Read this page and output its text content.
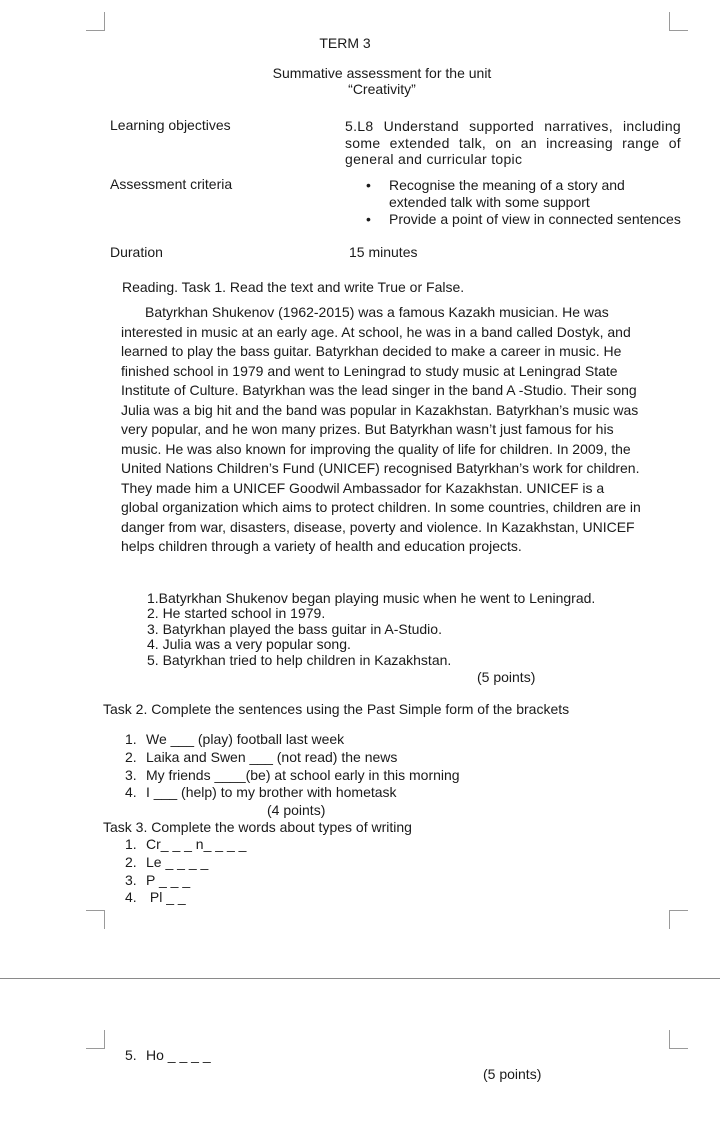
TERM 3
Summative assessment for the unit
“Creativity”
Learning objectives	5.L8 Understand supported narratives, including some extended talk, on an increasing range of general and curricular topic
Assessment criteria	• Recognise the meaning of a story and extended talk with some support
• Provide a point of view in connected sentences
Duration	15 minutes
Reading. Task 1. Read the text and write True or False.
Batyrkhan Shukenov (1962-2015) was a famous Kazakh musician. He was interested in music at an early age. At school, he was in a band called Dostyk, and learned to play the bass guitar. Batyrkhan decided to make a career in music. He finished school in 1979 and went to Leningrad to study music at Leningrad State Institute of Culture. Batyrkhan was the lead singer in the band A -Studio. Their song Julia was a big hit and the band was popular in Kazakhstan. Batyrkhan’s music was very popular, and he won many prizes. But Batyrkhan wasn’t just famous for his music. He was also known for improving the quality of life for children. In 2009, the United Nations Children’s Fund (UNICEF) recognised Batyrkhan’s work for children. They made him a UNICEF Goodwil Ambassador for Kazakhstan. UNICEF is a global organization which aims to protect children. In some countries, children are in danger from war, disasters, disease, poverty and violence. In Kazakhstan, UNICEF helps children through a variety of health and education projects.

1.Batyrkhan Shukenov began playing music when he went to Leningrad.

2. He started school in 1979.

3. Batyrkhan played the bass guitar in A-Studio.

4. Julia was a very popular song.

5. Batyrkhan tried to help children in Kazakhstan.

(5 points)
Task 2. Complete the sentences using the Past Simple form of the brackets
1. We ___ (play) football last week
2. Laika and Swen ___ (not read) the news
3. My friends ____(be) at school early in this morning
4. I ___ (help) to my brother with hometask
(4 points)
Task 3. Complete the words about types of writing
1. Cr_ _ _ n_ _ _ _
2. Le _ _ _ _
3. P _ _ _
4. Pl _ _
5. Ho _ _ _ _
(5 points)
